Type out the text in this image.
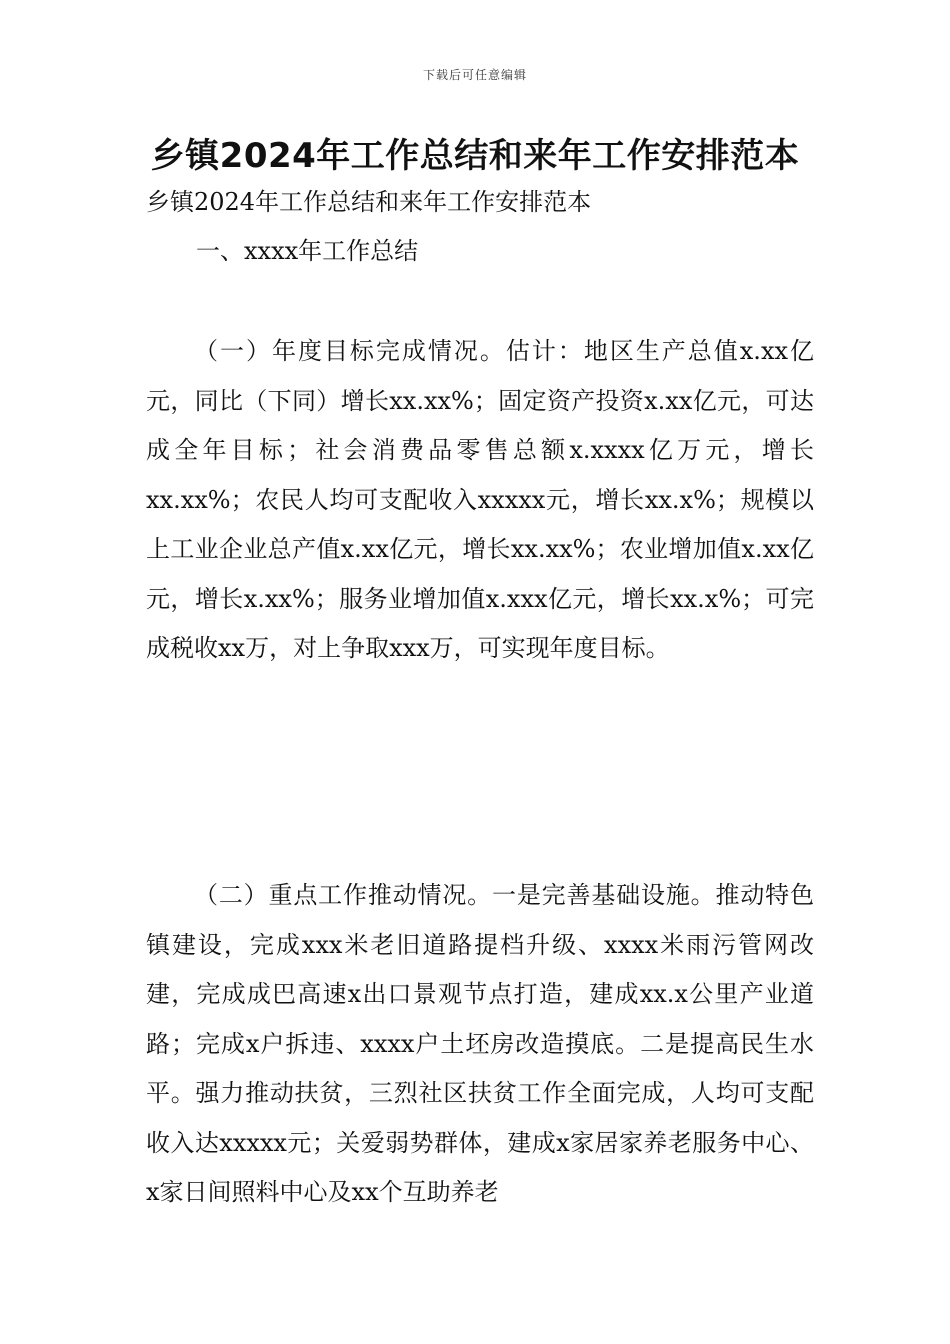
下载后可任意编辑
乡镇2024年工作总结和来年工作安排范本
乡镇2024年工作总结和来年工作安排范本
一、xxxx年工作总结

（一）年度目标完成情况。估计：地区生产总值x.xx亿元，同比（下同）增长xx.xx%；固定资产投资x.xx亿元，可达成全年目标；社会消费品零售总额x.xxxx亿万元，增长xx.xx%；农民人均可支配收入xxxxx元，增长xx.x%；规模以上工业企业总产值x.xx亿元，增长xx.xx%；农业增加值x.xx亿元，增长x.xx%；服务业增加值x.xxx亿元，增长xx.x%；可完成税收xx万，对上争取xxx万，可实现年度目标。

（二）重点工作推动情况。一是完善基础设施。推动特色镇建设，完成xxx米老旧道路提档升级、xxxx米雨污管网改建，完成成巴高速x出口景观节点打造，建成xx.x公里产业道路；完成x户拆违、xxxx户土坯房改造摸底。二是提高民生水平。强力推动扶贫，三烈社区扶贫工作全面完成，人均可支配收入达xxxxx元；关爱弱势群体，建成x家居家养老服务中心、x家日间照料中心及xx个互助养老
